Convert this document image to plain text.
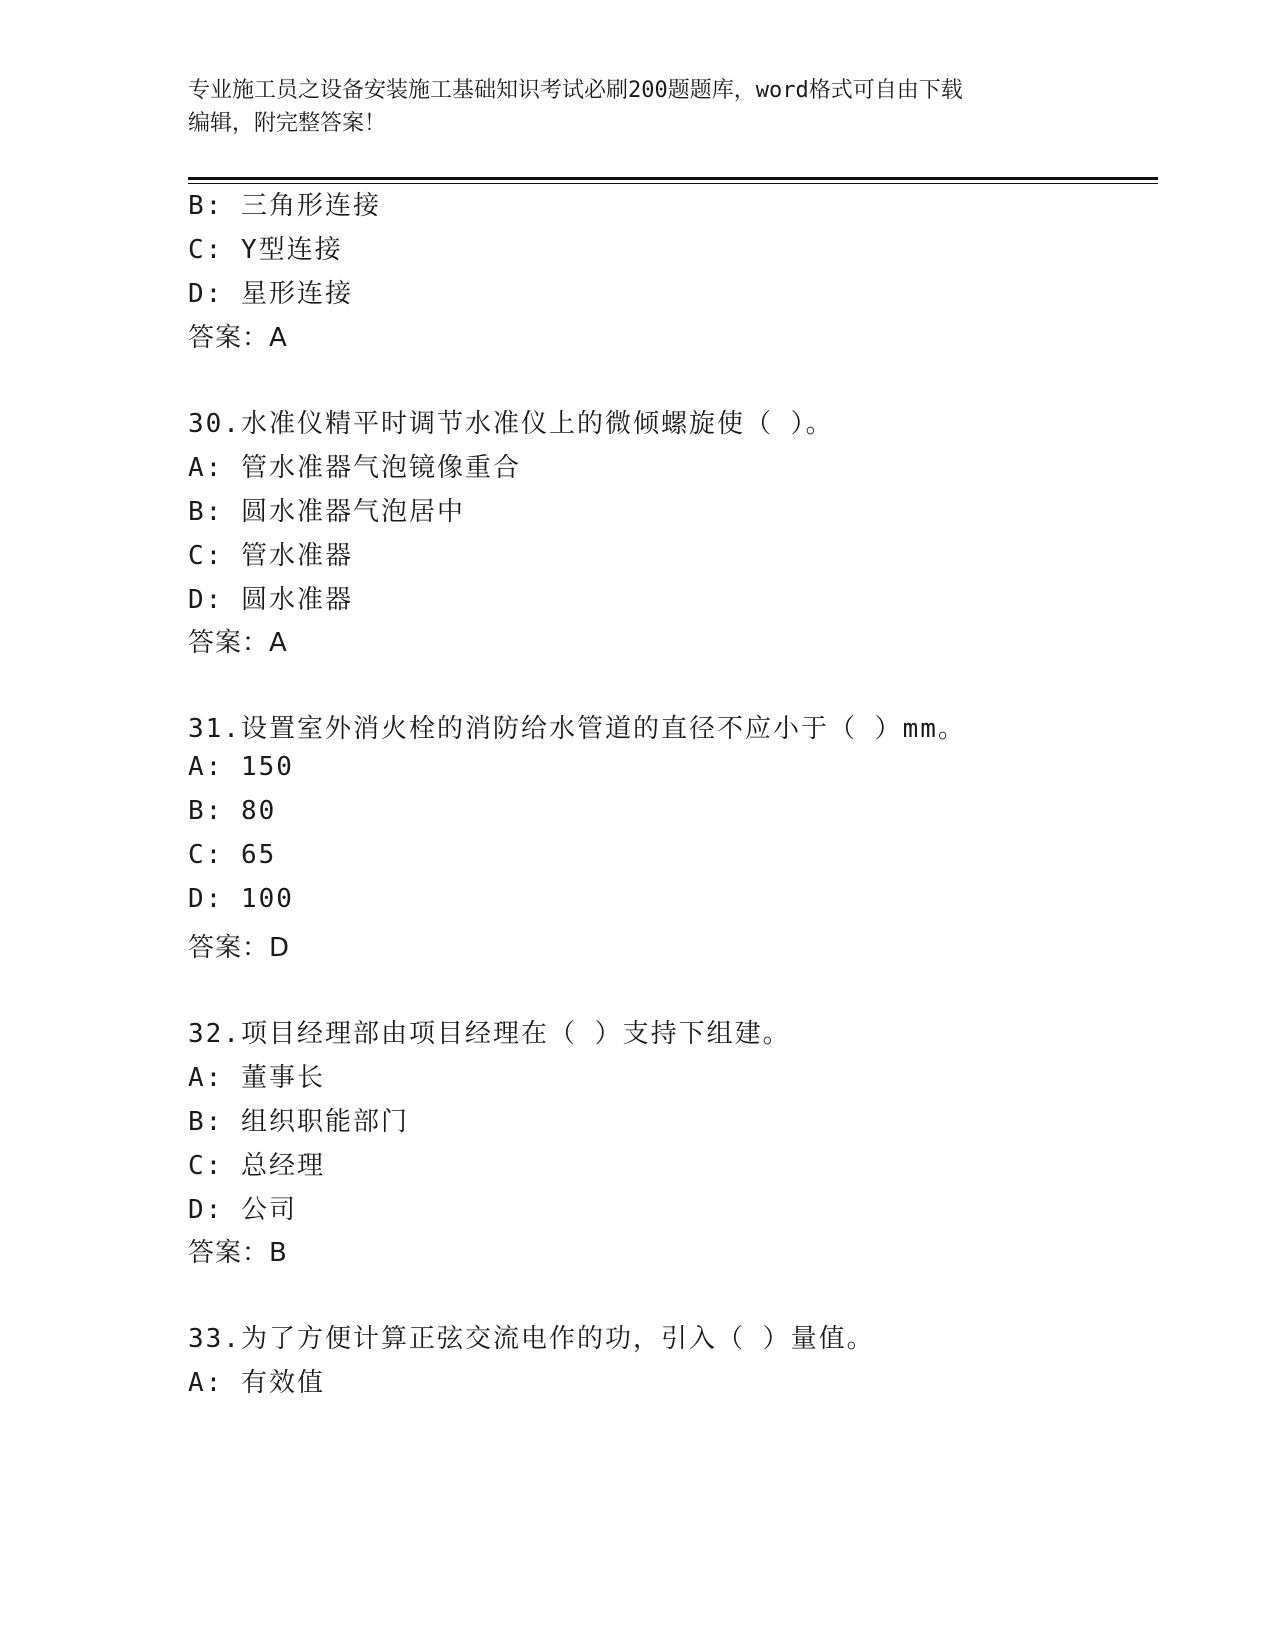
专业施工员之设备安装施工基础知识考试必刷200题题库，word格式可自由下载
编辑，附完整答案！
B: 三角形连接
C: Y型连接
D: 星形连接
答案：A
30.水准仪精平时调节水准仪上的微倾螺旋使（ ）。
A: 管水准器气泡镜像重合
B: 圆水准器气泡居中
C: 管水准器
D: 圆水准器
答案：A
31.设置室外消火栓的消防给水管道的直径不应小于（ ）mm。
A: 150
B: 80
C: 65
D: 100
答案：D
32.项目经理部由项目经理在（ ）支持下组建。
A: 董事长
B: 组织职能部门
C: 总经理
D: 公司
答案：B
33.为了方便计算正弦交流电作的功，引入（ ）量值。
A: 有效值
